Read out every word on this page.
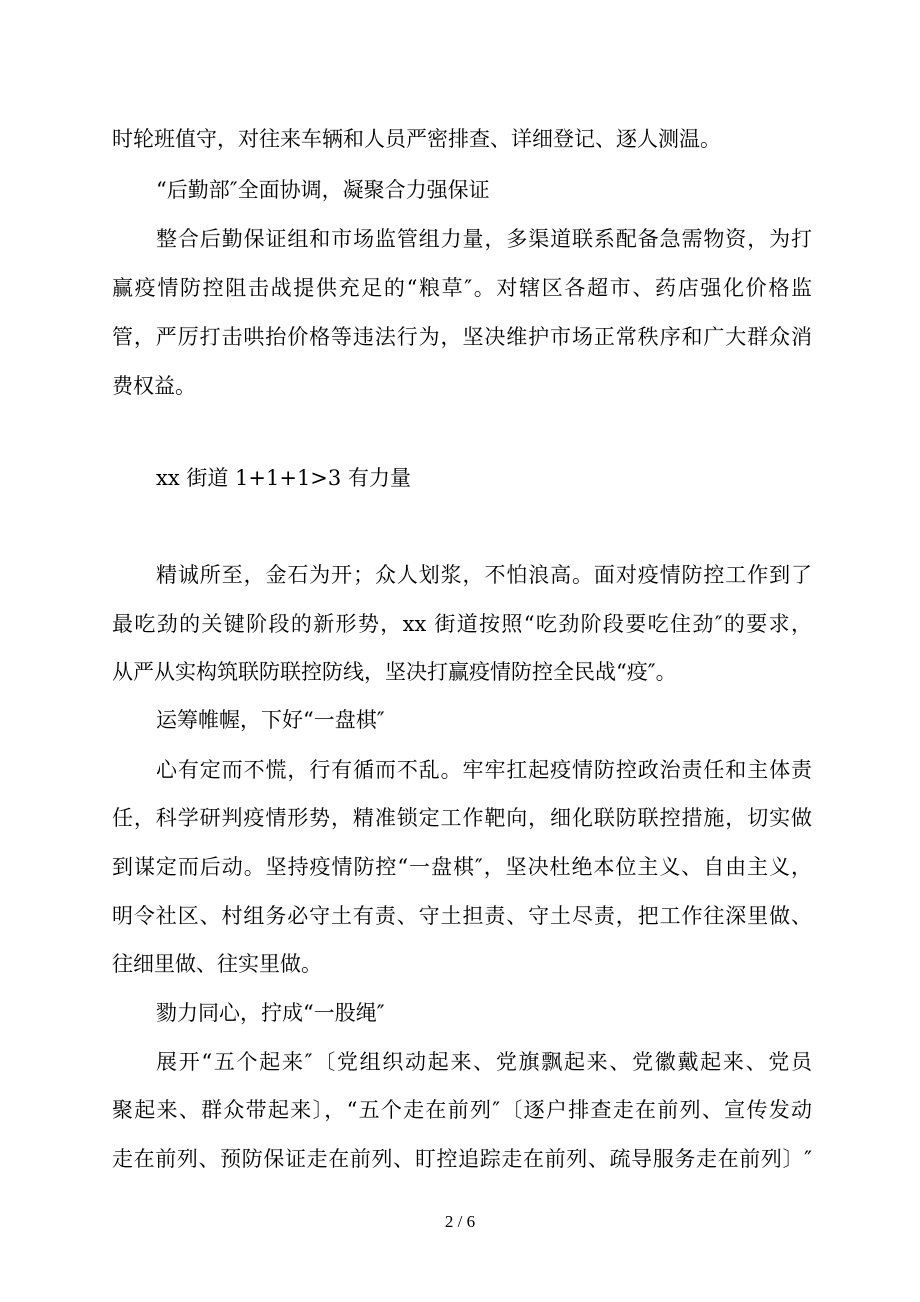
时轮班值守，对往来车辆和人员严密排查、详细登记、逐人测温。
“后勤部″全面协调，凝聚合力强保证
整合后勤保证组和市场监管组力量，多渠道联系配备急需物资，为打
赢疫情防控阻击战提供充足的“粮草″。对辖区各超市、药店强化价格监
管，严厉打击哄抬价格等违法行为，坚决维护市场正常秩序和广大群众消
费权益。
xx 街道 1+1+1>3 有力量
精诚所至，金石为开；众人划浆，不怕浪高。面对疫情防控工作到了
最吃劲的关键阶段的新形势，xx 街道按照“吃劲阶段要吃住劲″的要求，
从严从实构筑联防联控防线，坚决打赢疫情防控全民战“疫″。
运筹帷幄，下好“一盘棋″
心有定而不慌，行有循而不乱。牢牢扛起疫情防控政治责任和主体责
任，科学研判疫情形势，精准锁定工作靶向，细化联防联控措施，切实做
到谋定而后动。坚持疫情防控“一盘棋″，坚决杜绝本位主义、自由主义，
明令社区、村组务必守土有责、守土担责、守土尽责，把工作往深里做、
往细里做、往实里做。
勠力同心，拧成“一股绳″
展开“五个起来″〔党组织动起来、党旗飘起来、党徽戴起来、党员
聚起来、群众带起来〕，“五个走在前列″〔逐户排查走在前列、宣传发动
走在前列、预防保证走在前列、盯控追踪走在前列、疏导服务走在前列〕″
2 / 6
